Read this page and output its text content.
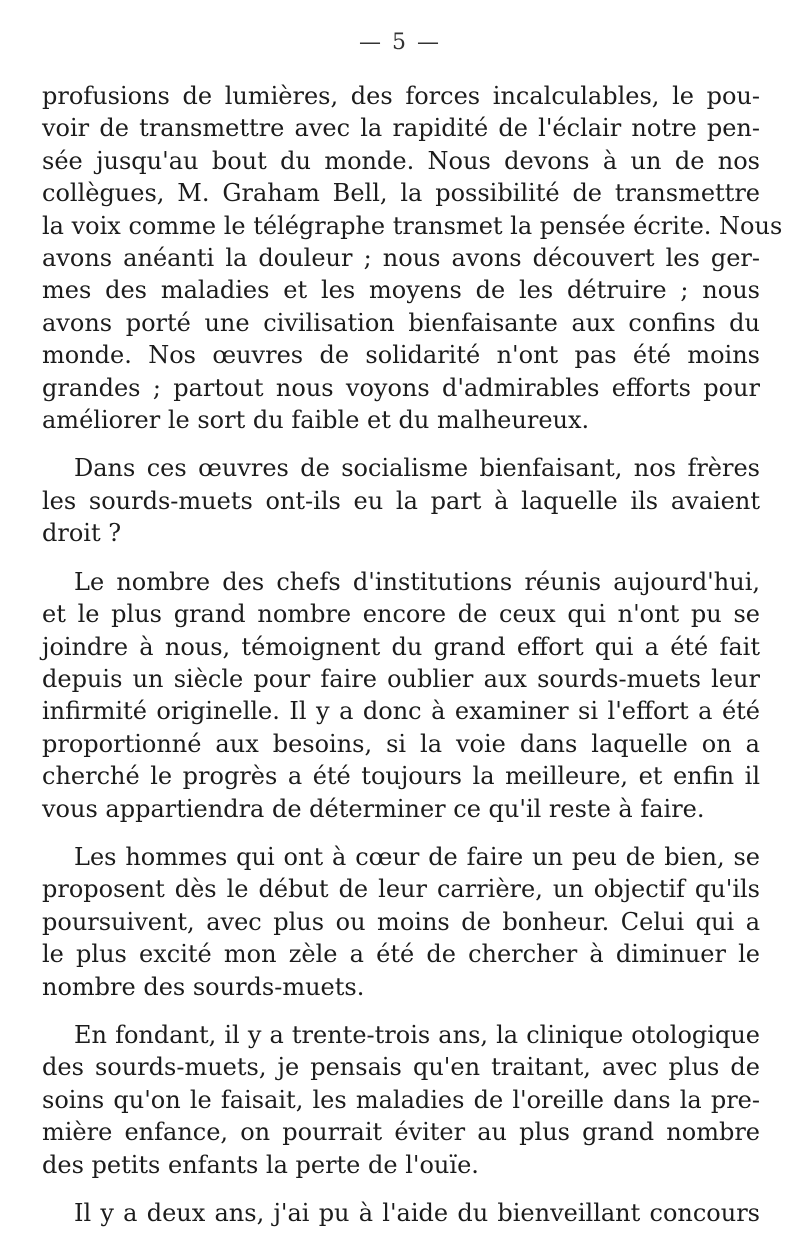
— 5 —

profusions de lumières, des forces incalculables, le pou-
voir de transmettre avec la rapidité de l'éclair notre pen-
sée jusqu'au bout du monde. Nous devons à un de nos
collègues, M. Graham Bell, la possibilité de transmettre
la voix comme le télégraphe transmet la pensée écrite. Nous
avons anéanti la douleur ; nous avons découvert les ger-
mes des maladies et les moyens de les détruire ; nous
avons porté une civilisation bienfaisante aux confins du
monde. Nos œuvres de solidarité n'ont pas été moins
grandes ; partout nous voyons d'admirables efforts pour
améliorer le sort du faible et du malheureux.

Dans ces œuvres de socialisme bienfaisant, nos frères
les sourds-muets ont-ils eu la part à laquelle ils avaient
droit ?

Le nombre des chefs d'institutions réunis aujourd'hui,
et le plus grand nombre encore de ceux qui n'ont pu se
joindre à nous, témoignent du grand effort qui a été fait
depuis un siècle pour faire oublier aux sourds-muets leur
infirmité originelle. Il y a donc à examiner si l'effort a été
proportionné aux besoins, si la voie dans laquelle on a
cherché le progrès a été toujours la meilleure, et enfin il
vous appartiendra de déterminer ce qu'il reste à faire.

Les hommes qui ont à cœur de faire un peu de bien, se
proposent dès le début de leur carrière, un objectif qu'ils
poursuivent, avec plus ou moins de bonheur. Celui qui a
le plus excité mon zèle a été de chercher à diminuer le
nombre des sourds-muets.

En fondant, il y a trente-trois ans, la clinique otologique
des sourds-muets, je pensais qu'en traitant, avec plus de
soins qu'on le faisait, les maladies de l'oreille dans la pre-
mière enfance, on pourrait éviter au plus grand nombre
des petits enfants la perte de l'ouïe.

Il y a deux ans, j'ai pu à l'aide du bienveillant concours
